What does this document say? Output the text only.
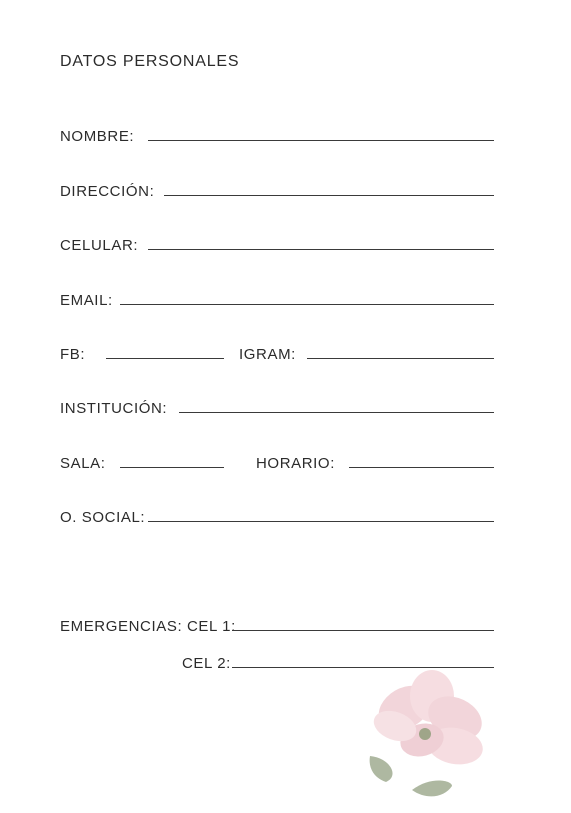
DATOS PERSONALES
NOMBRE:
DIRECCIÓN:
CELULAR:
EMAIL:
FB:	IGRAM:
INSTITUCIÓN:
SALA:	HORARIO:
O. SOCIAL:
EMERGENCIAS: CEL 1:
CEL 2:
